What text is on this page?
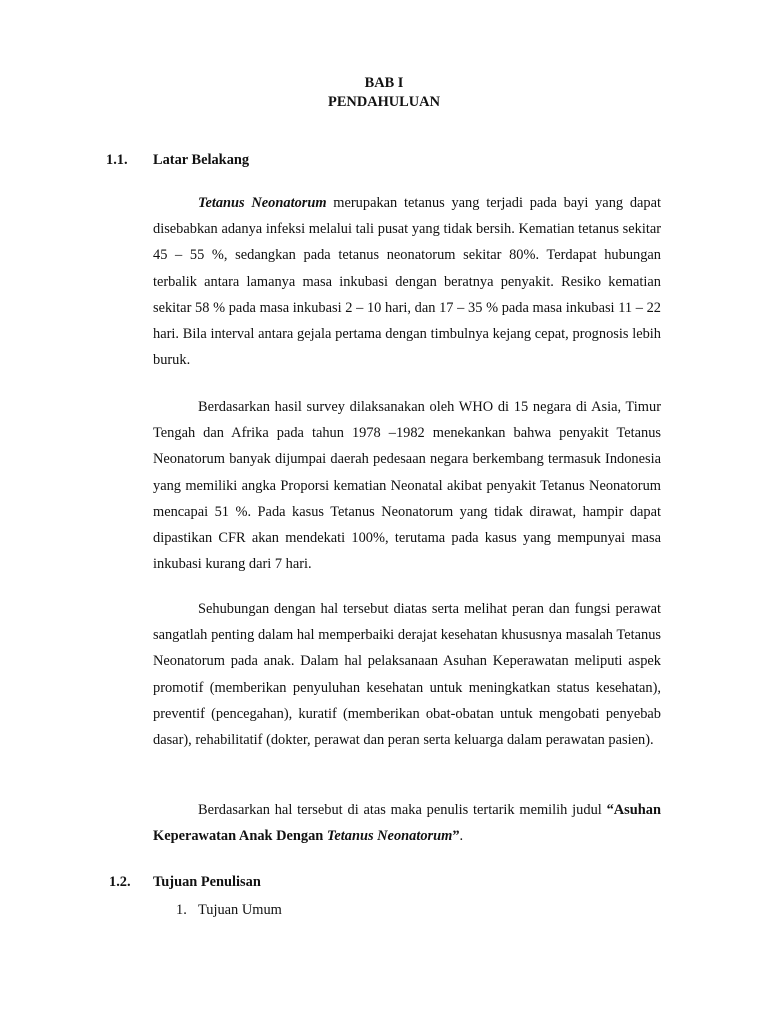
BAB I
PENDAHULUAN
1.1. Latar Belakang

Tetanus Neonatorum merupakan tetanus yang terjadi pada bayi yang dapat disebabkan adanya infeksi melalui tali pusat yang tidak bersih. Kematian tetanus sekitar 45 – 55 %, sedangkan pada tetanus neonatorum sekitar 80%. Terdapat hubungan terbalik antara lamanya masa inkubasi dengan beratnya penyakit. Resiko kematian sekitar 58 % pada masa inkubasi 2 – 10 hari, dan 17 – 35 % pada masa inkubasi 11 – 22 hari. Bila interval antara gejala pertama dengan timbulnya kejang cepat, prognosis lebih buruk.

Berdasarkan hasil survey dilaksanakan oleh WHO di 15 negara di Asia, Timur Tengah dan Afrika pada tahun 1978 –1982 menekankan bahwa penyakit Tetanus Neonatorum banyak dijumpai daerah pedesaan negara berkembang termasuk Indonesia yang memiliki angka Proporsi kematian Neonatal akibat penyakit Tetanus Neonatorum mencapai 51 %. Pada kasus Tetanus Neonatorum yang tidak dirawat, hampir dapat dipastikan CFR akan mendekati 100%, terutama pada kasus yang mempunyai masa inkubasi kurang dari 7 hari.

Sehubungan dengan hal tersebut diatas serta melihat peran dan fungsi perawat sangatlah penting dalam hal memperbaiki derajat kesehatan khususnya masalah Tetanus Neonatorum pada anak. Dalam hal pelaksanaan Asuhan Keperawatan meliputi aspek promotif (memberikan penyuluhan kesehatan untuk meningkatkan status kesehatan), preventif (pencegahan), kuratif (memberikan obat-obatan untuk mengobati penyebab dasar), rehabilitatif (dokter, perawat dan peran serta keluarga dalam perawatan pasien).

Berdasarkan hal tersebut di atas maka penulis tertarik memilih judul “Asuhan Keperawatan Anak Dengan Tetanus Neonatorum”.

1.2. Tujuan Penulisan
1. Tujuan Umum
